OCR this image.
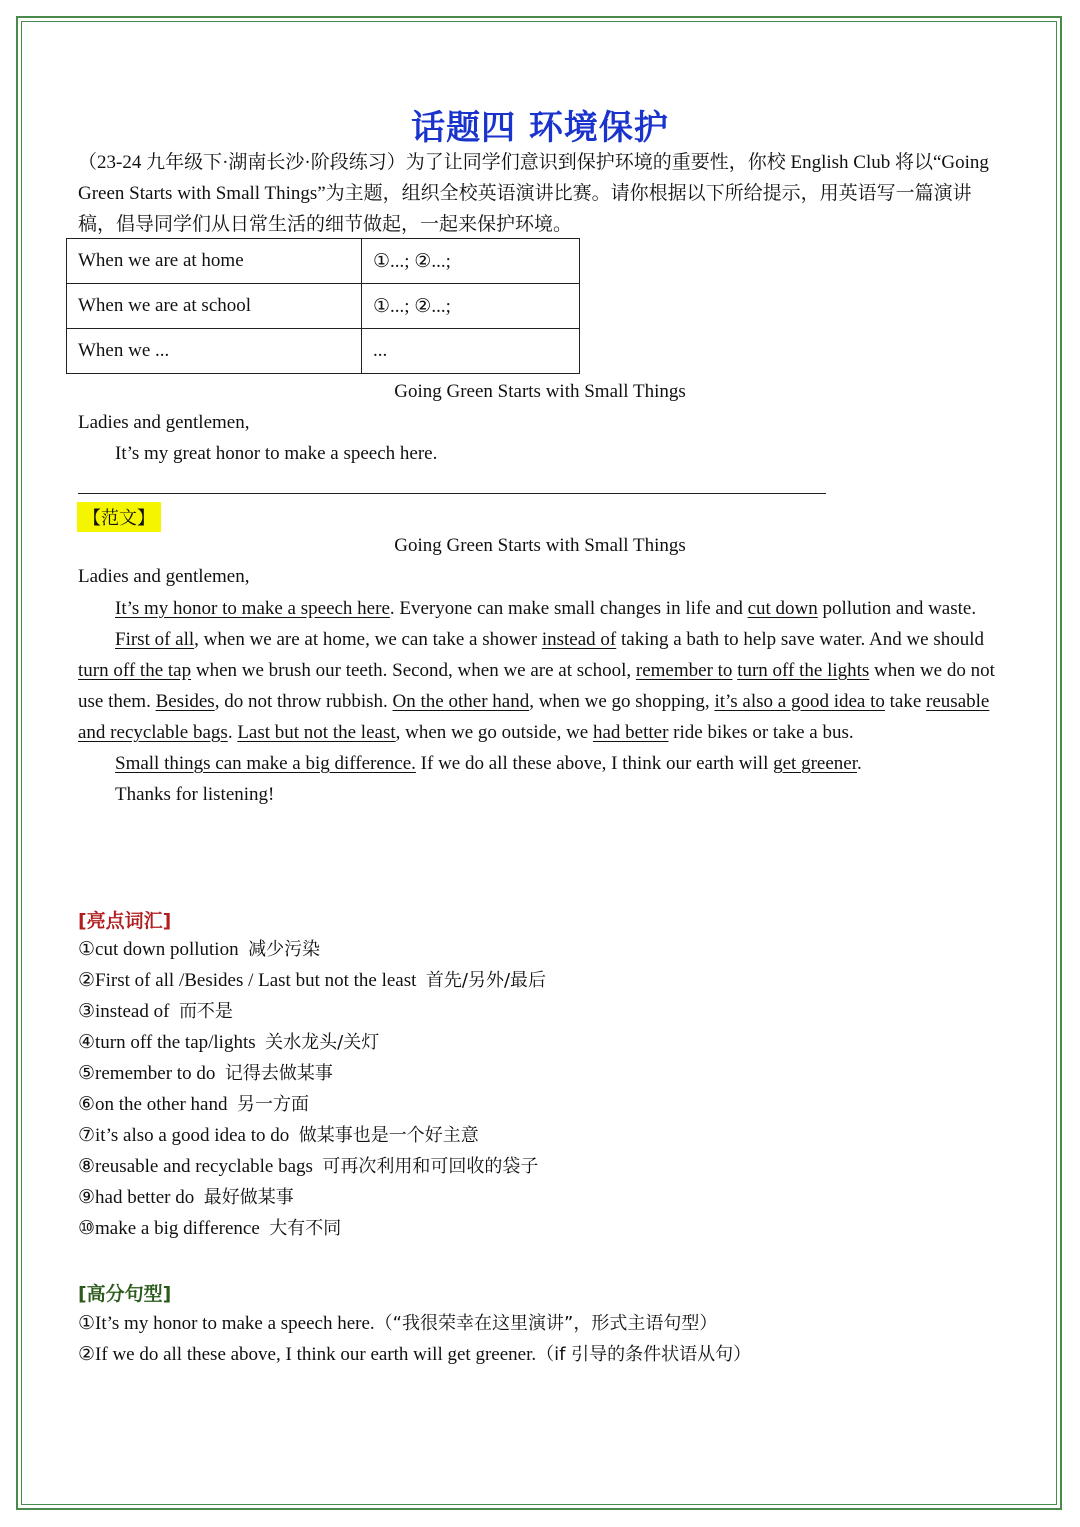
话题四 环境保护
（23-24 九年级下·湖南长沙·阶段练习）为了让同学们意识到保护环境的重要性，你校 English Club 将以“Going Green Starts with Small Things”为主题，组织全校英语演讲比赛。请你根据以下所给提示，用英语写一篇演讲稿，倡导同学们从日常生活的细节做起，一起来保护环境。
When we are at home	①...; ②...;
When we are at school	①...; ②...;
When we ...	...
Going Green Starts with Small Things
Ladies and gentlemen,
It’s my great honor to make a speech here.
【范文】
Going Green Starts with Small Things
Ladies and gentlemen,

It’s my honor to make a speech here. Everyone can make small changes in life and cut down pollution and waste.

First of all, when we are at home, we can take a shower instead of taking a bath to help save water. And we should turn off the tap when we brush our teeth. Second, when we are at school, remember to turn off the lights when we do not use them. Besides, do not throw rubbish. On the other hand, when we go shopping, it’s also a good idea to take reusable and recyclable bags. Last but not the least, when we go outside, we had better ride bikes or take a bus.

Small things can make a big difference. If we do all these above, I think our earth will get greener.

Thanks for listening!

[亮点词汇]
①cut down pollution 减少污染
②First of all /Besides / Last but not the least 首先/另外/最后
③instead of 而不是
④turn off the tap/lights 关水龙头/关灯
⑤remember to do 记得去做某事
⑥on the other hand 另一方面
⑦it’s also a good idea to do 做某事也是一个好主意
⑧reusable and recyclable bags 可再次利用和可回收的袋子
⑨had better do 最好做某事
⑩make a big difference 大有不同
[高分句型]
①It’s my honor to make a speech here.（“我很荣幸在这里演讲”，形式主语句型）
②If we do all these above, I think our earth will get greener.（if 引导的条件状语从句）
